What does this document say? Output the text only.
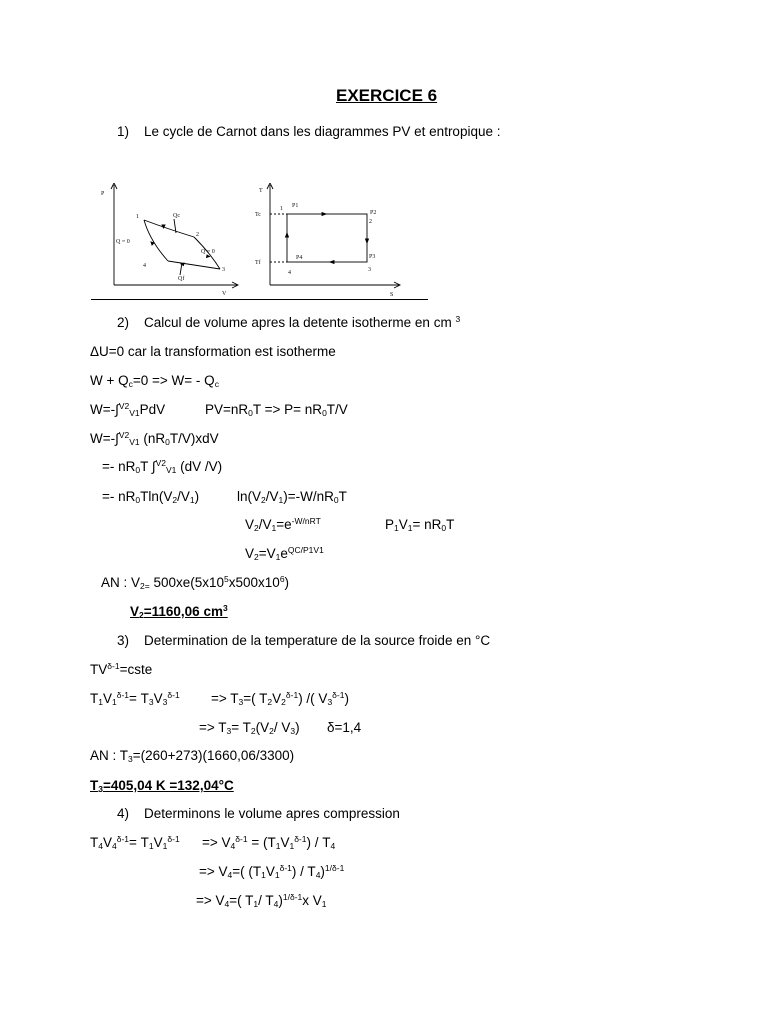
EXERCICE 6
1) Le cycle de Carnot dans les diagrammes PV et entropique :
P
V
1
2
3
4
Qc
Qf
Q = 0
Q = 0
T
S
Tc
Tf
1
2
3
4
P1
P2
P3
P4
2) Calcul de volume apres la detente isotherme en cm $^3$
ΔU=0 car la transformation est isotherme
$W + Q_c=0 => W= - Q_c$
W=-∫$^{V2}_{V1}$PdV	$PV=nR_0T => P= nR_0T/V$
W=-∫$^{V2}_{V1}$ $(nR_0T/V)xdV$
=- $nR_0T$ ∫$^{V2}_{V1}$ (dV /V)
=- $nR_0Tln(V_2/V_1)$	$\ln(V_2/V_1)=-W/nR_0T$
$V_2/V_1=e^{-W/nRT}$	$P_1V_1= nR_0T$
$V_2=V_1e^{QC/P1V1}$
AN : $V_{2=}$ $500xe(5x10^5x500x10^6)$
$V_2=1160,06$ $cm^3$
3) Determination de la temperature de la source froide en °C
$TV^{\delta-1}=cste$
$T_1V_1^{\delta-1}= T_3V_3^{\delta-1} => T_3=$( $T_2V_2^{\delta-1}$) /( $V_3^{\delta-1}$)
=> $T_3= T_2(V_2/$ $V_3$) δ=1,4
AN : $T_3=(260+273)(1660,06/3300)$
$T_3=405,04$ K =132,04°C
4) Determinons le volume apres compression
$T_4V_4^{\delta-1}= T_1V_1^{\delta-1} => V_4^{\delta-1} = (T_1V_1^{\delta-1}) / T_4$
=> $V_4=$( $(T_1V_1^{\delta-1}) / T_4)^{1/\delta-1}$
=> $V_4=$( $T_1/$ $T_4)^{1/\delta-1}x$ $V_1$
